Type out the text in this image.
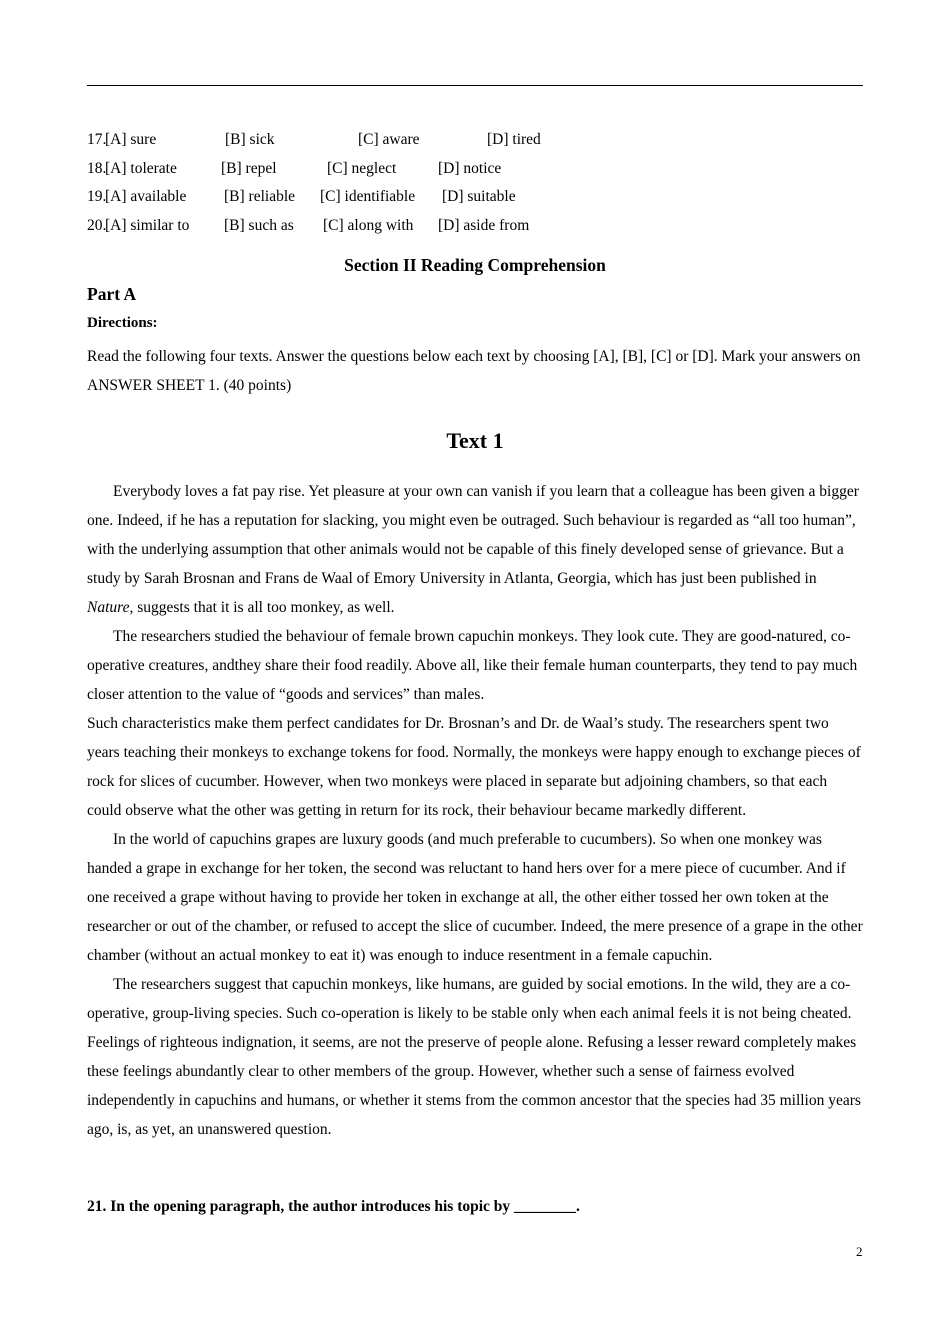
17.
[A] sure	[B] sick	[C] aware	[D] tired
18.
[A] tolerate	[B] repel	[C] neglect	[D] notice
19.
[A] available [B] reliable [C] identifiable [D] suitable
20.
[A] similar to [B] such as [C] along with [D] aside from
Section II Reading Comprehension
Part A
Directions:
Read the following four texts. Answer the questions below each text by choosing [A], [B], [C] or [D]. Mark your answers on ANSWER SHEET 1. (40 points)
Text 1

Everybody loves a fat pay rise. Yet pleasure at your own can vanish if you learn that a colleague has been given a bigger one. Indeed, if he has a reputation for slacking, you might even be outraged. Such behaviour is regarded as “all too human”, with the underlying assumption that other animals would not be capable of this finely developed sense of grievance. But a study by Sarah Brosnan and Frans de Waal of Emory University in Atlanta, Georgia, which has just been published in Nature, suggests that it is all too monkey, as well.

The researchers studied the behaviour of female brown capuchin monkeys. They look cute. They are good-natured, co-operative creatures, andthey share their food readily. Above all, like their female human counterparts, they tend to pay much closer attention to the value of “goods and services” than males.

Such characteristics make them perfect candidates for Dr. Brosnan’s and Dr. de Waal’s study. The researchers spent two years teaching their monkeys to exchange tokens for food. Normally, the monkeys were happy enough to exchange pieces of rock for slices of cucumber. However, when two monkeys were placed in separate but adjoining chambers, so that each could observe what the other was getting in return for its rock, their behaviour became markedly different.

In the world of capuchins grapes are luxury goods (and much preferable to cucumbers). So when one monkey was handed a grape in exchange for her token, the second was reluctant to hand hers over for a mere piece of cucumber. And if one received a grape without having to provide her token in exchange at all, the other either tossed her own token at the researcher or out of the chamber, or refused to accept the slice of cucumber. Indeed, the mere presence of a grape in the other chamber (without an actual monkey to eat it) was enough to induce resentment in a female capuchin.

The researchers suggest that capuchin monkeys, like humans, are guided by social emotions. In the wild, they are a co-operative, group-living species. Such co-operation is likely to be stable only when each animal feels it is not being cheated. Feelings of righteous indignation, it seems, are not the preserve of people alone. Refusing a lesser reward completely makes these feelings abundantly clear to other members of the group. However, whether such a sense of fairness evolved independently in capuchins and humans, or whether it stems from the common ancestor that the species had 35 million years ago, is, as yet, an unanswered question.

21. In the opening paragraph, the author introduces his topic by ________.
2
